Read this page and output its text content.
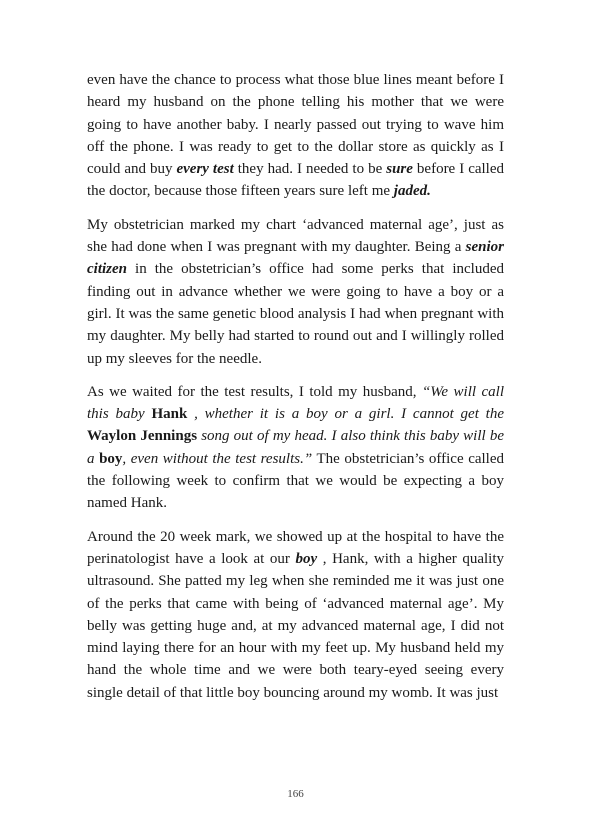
even have the chance to process what those blue lines meant before I heard my husband on the phone telling his mother that we were going to have another baby. I nearly passed out trying to wave him off the phone. I was ready to get to the dollar store as quickly as I could and buy every test they had. I needed to be sure before I called the doctor, because those fifteen years sure left me jaded.

My obstetrician marked my chart ‘advanced maternal age’, just as she had done when I was pregnant with my daughter. Being a senior citizen in the obstetrician’s office had some perks that included finding out in advance whether we were going to have a boy or a girl. It was the same genetic blood analysis I had when pregnant with my daughter. My belly had started to round out and I willingly rolled up my sleeves for the needle.

As we waited for the test results, I told my husband, “We will call this baby Hank , whether it is a boy or a girl. I cannot get the Waylon Jennings song out of my head. I also think this baby will be a boy, even without the test results.” The obstetrician’s office called the following week to confirm that we would be expecting a boy named Hank.

Around the 20 week mark, we showed up at the hospital to have the perinatologist have a look at our boy , Hank, with a higher quality ultrasound. She patted my leg when she reminded me it was just one of the perks that came with being of ‘advanced maternal age’. My belly was getting huge and, at my advanced maternal age, I did not mind laying there for an hour with my feet up. My husband held my hand the whole time and we were both teary-eyed seeing every single detail of that little boy bouncing around my womb. It was just

166
